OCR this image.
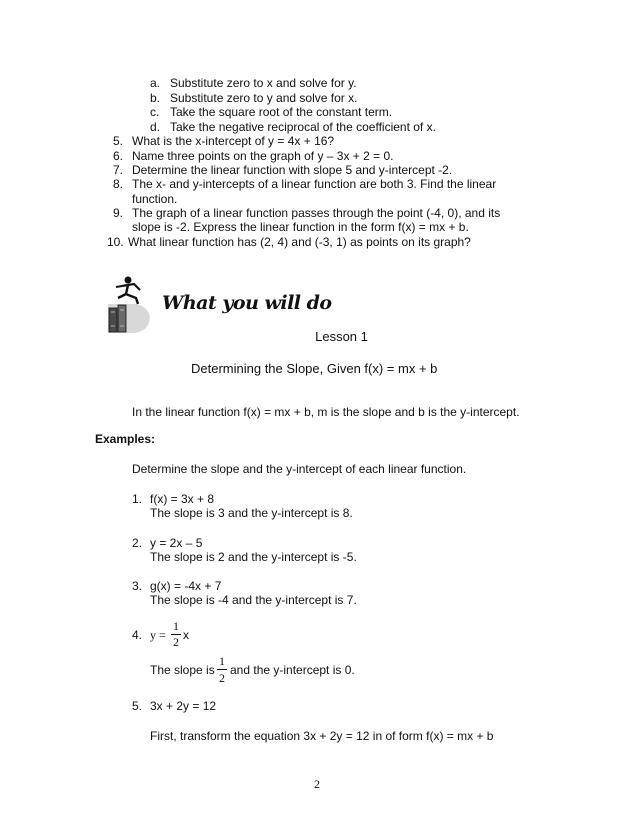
a. Substitute zero to x and solve for y.
b. Substitute zero to y and solve for x.
c. Take the square root of the constant term.
d. Take the negative reciprocal of the coefficient of x.
5. What is the x-intercept of y = 4x + 16?
6. Name three points on the graph of y – 3x + 2 = 0.
7. Determine the linear function with slope 5 and y-intercept -2.
8. The x- and y-intercepts of a linear function are both 3. Find the linear
function.
9. The graph of a linear function passes through the point (-4, 0), and its
slope is -2. Express the linear function in the form f(x) = mx + b.
10. What linear function has (2, 4) and (-3, 1) as points on its graph?
What you will do
Lesson 1
Determining the Slope, Given f(x) = mx + b
In the linear function f(x) = mx + b, m is the slope and b is the y-intercept.
Examples:
Determine the slope and the y-intercept of each linear function.
1. f(x) = 3x + 8
The slope is 3 and the y-intercept is 8.
2. y = 2x – 5
The slope is 2 and the y-intercept is -5.
3. g(x) = -4x + 7
The slope is -4 and the y-intercept is 7.
4. y =
1
2 x
The slope is
1
2
and the y-intercept is 0.
5. 3x + 2y = 12
First, transform the equation 3x + 2y = 12 in of form f(x) = mx + b
2
